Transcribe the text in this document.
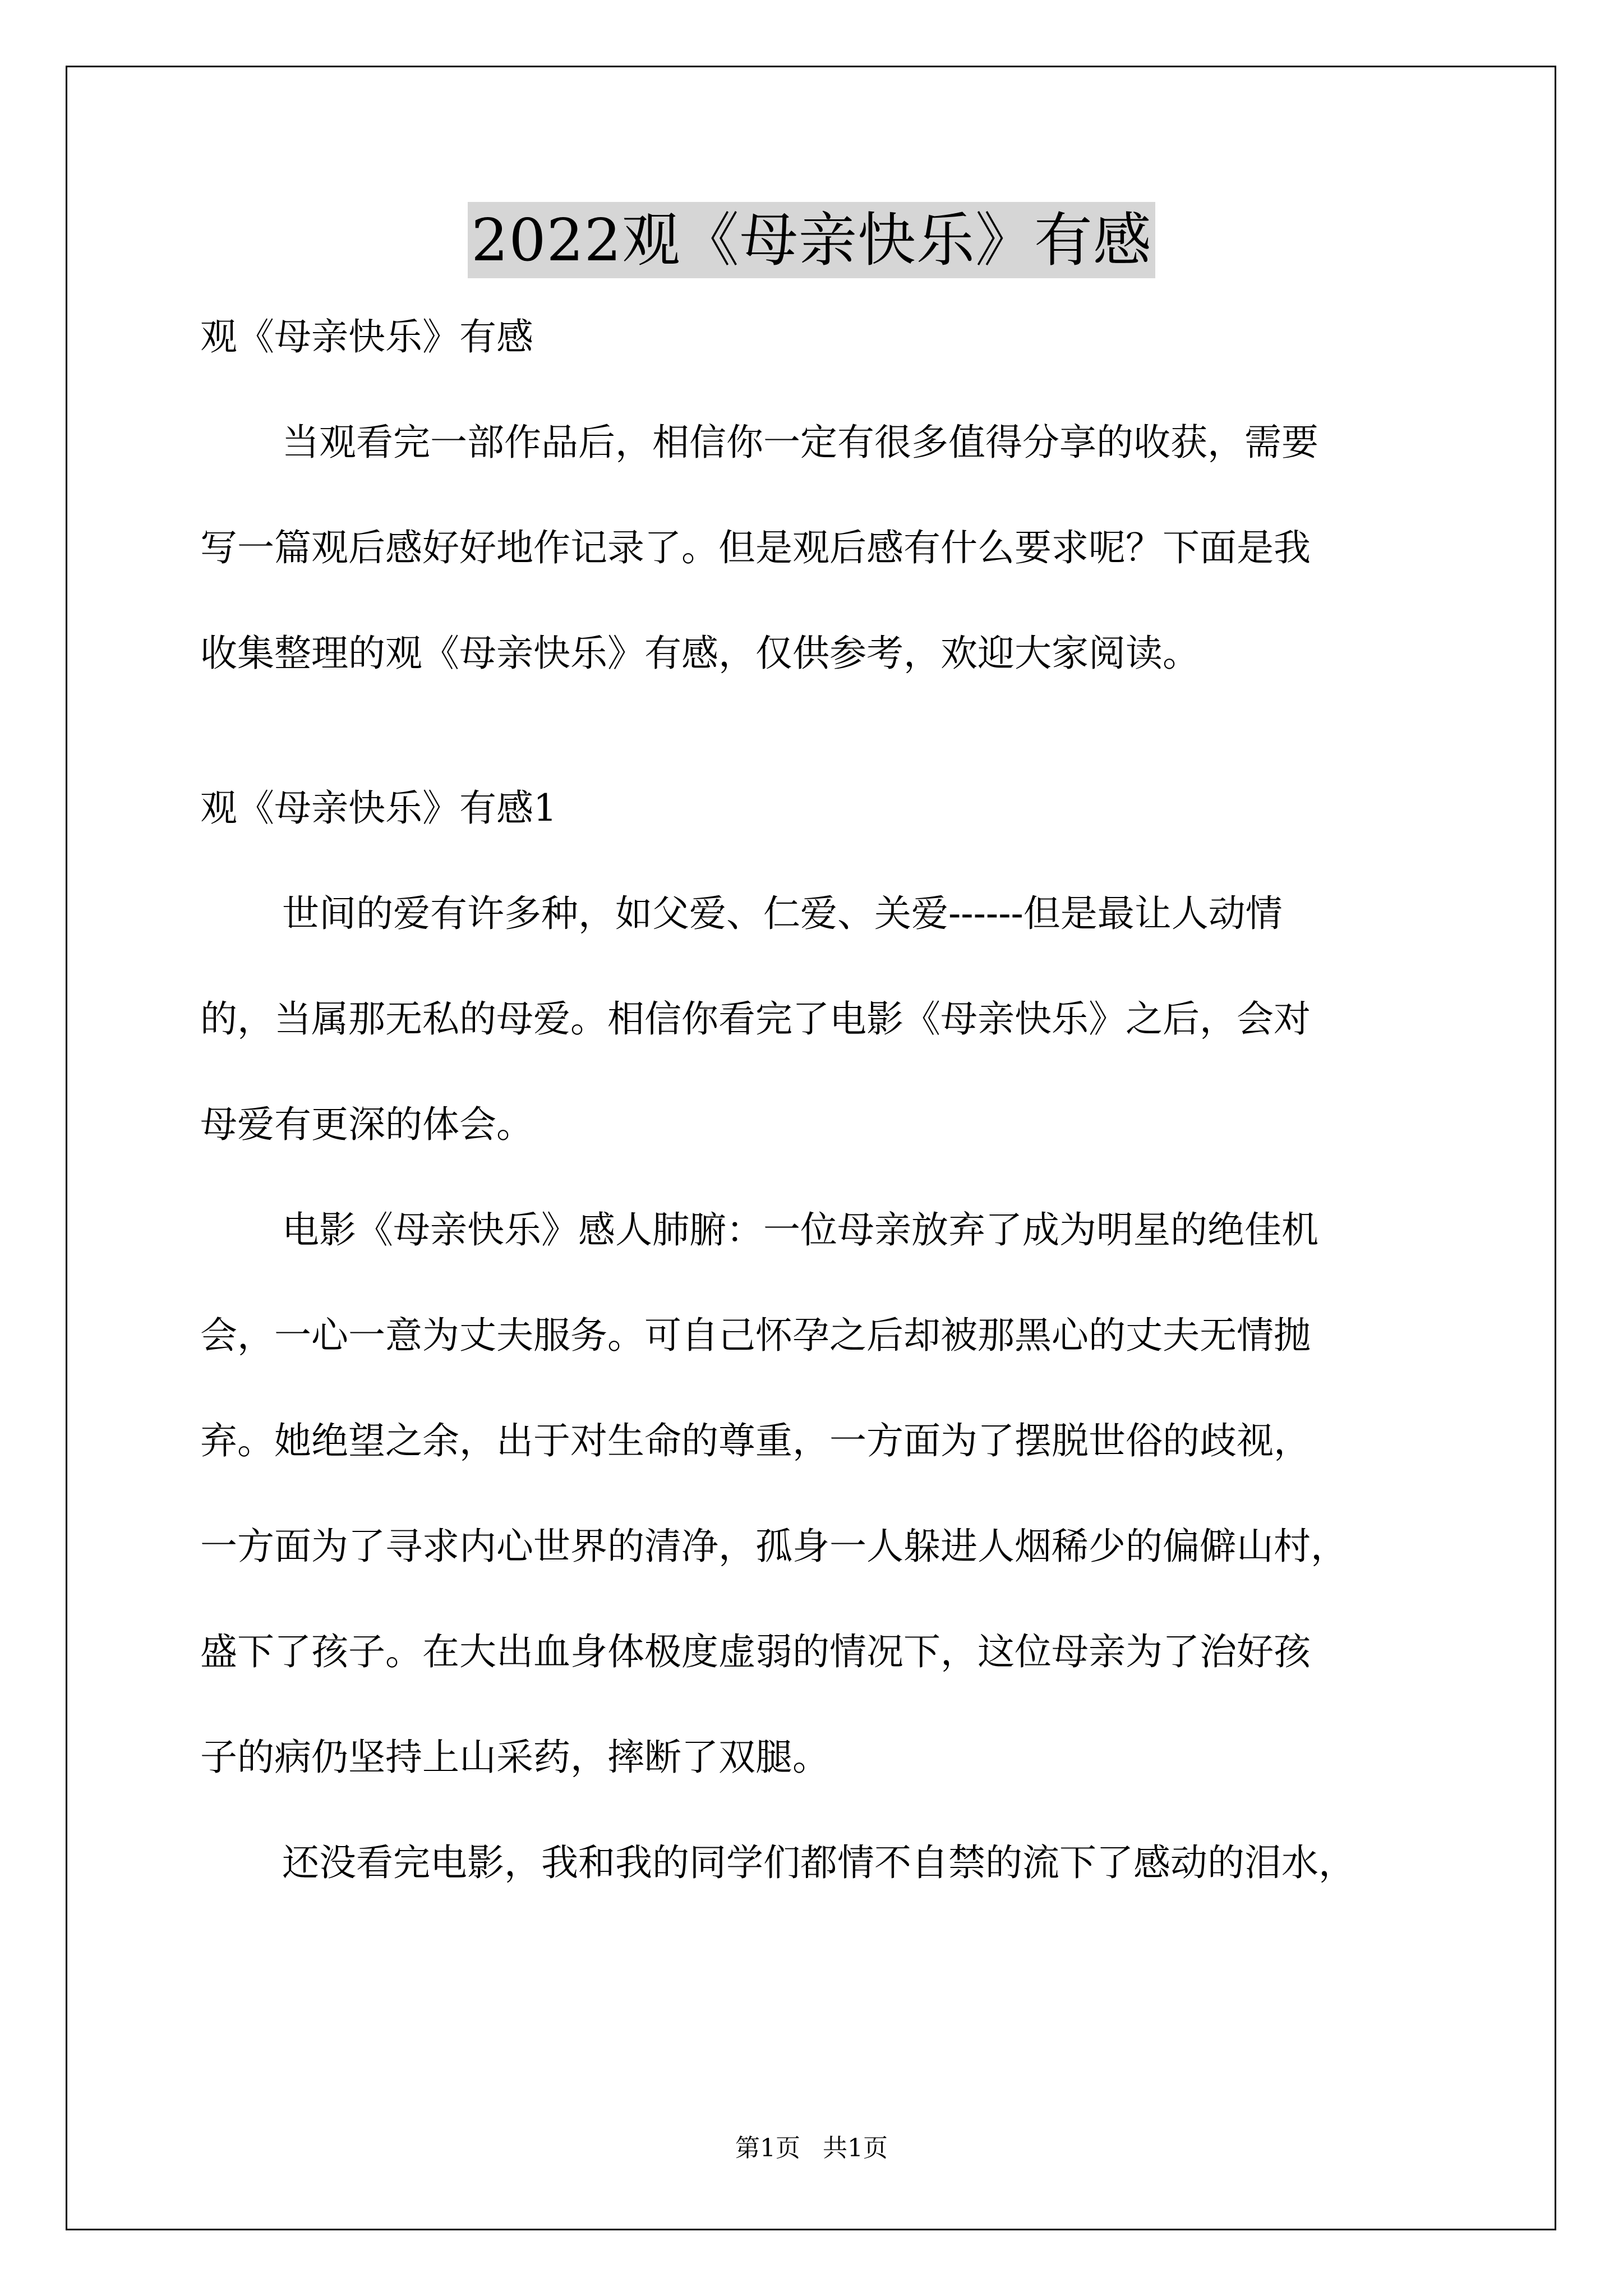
2022观《母亲快乐》有感
观《母亲快乐》有感
当观看完一部作品后，相信你一定有很多值得分享的收获，需要
写一篇观后感好好地作记录了。但是观后感有什么要求呢？下面是我
收集整理的观《母亲快乐》有感，仅供参考，欢迎大家阅读。
观《母亲快乐》有感1
世间的爱有许多种，如父爱、仁爱、关爱------但是最让人动情
的，当属那无私的母爱。相信你看完了电影《母亲快乐》之后，会对
母爱有更深的体会。
电影《母亲快乐》感人肺腑：一位母亲放弃了成为明星的绝佳机
会，一心一意为丈夫服务。可自己怀孕之后却被那黑心的丈夫无情抛
弃。她绝望之余，出于对生命的尊重，一方面为了摆脱世俗的歧视，
一方面为了寻求内心世界的清净，孤身一人躲进人烟稀少的偏僻山村，
盛下了孩子。在大出血身体极度虚弱的情况下，这位母亲为了治好孩
子的病仍坚持上山采药，摔断了双腿。
还没看完电影，我和我的同学们都情不自禁的流下了感动的泪水，
第1页 共1页
